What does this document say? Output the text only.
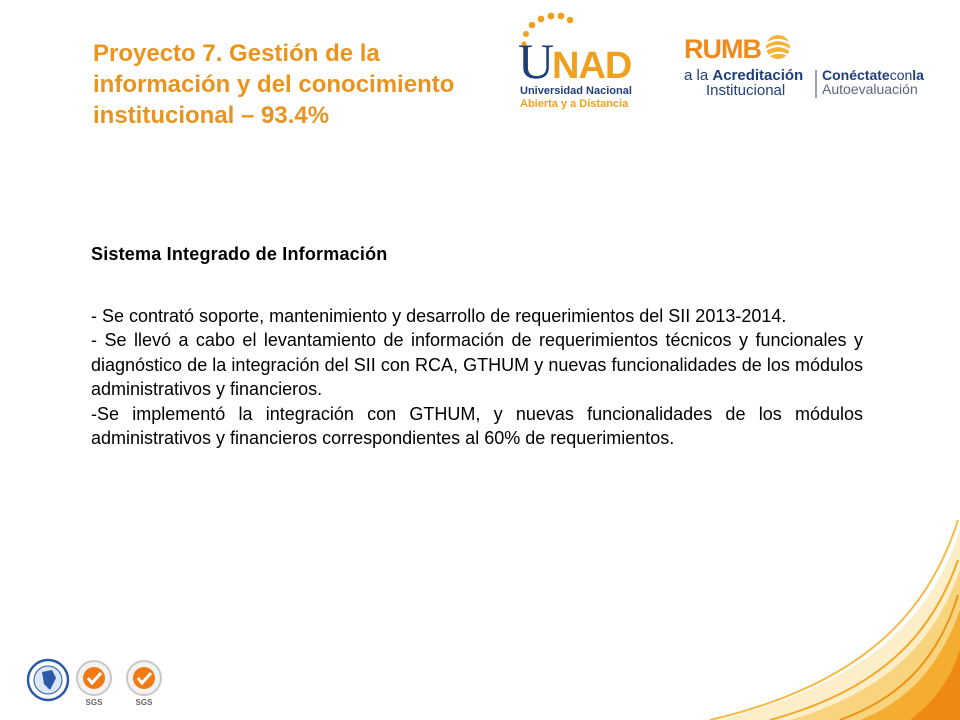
Proyecto 7. Gestión de la información y del conocimiento institucional – 93.4%
U
NAD
Universidad Nacional
Abierta y a Distancia
RUMB
a la Acreditación
Institucional
Conéctateconla
Autoevaluación
Sistema Integrado de Información

- Se contrató soporte, mantenimiento y desarrollo de requerimientos del SII 2013-2014.

- Se llevó a cabo el levantamiento de información de requerimientos técnicos y funcionales y diagnóstico de la integración del SII con RCA, GTHUM y nuevas funcionalidades de los módulos administrativos y financieros.

-Se implementó la integración con GTHUM, y nuevas funcionalidades de los módulos administrativos y financieros correspondientes al 60% de requerimientos.

SGS	SGS
